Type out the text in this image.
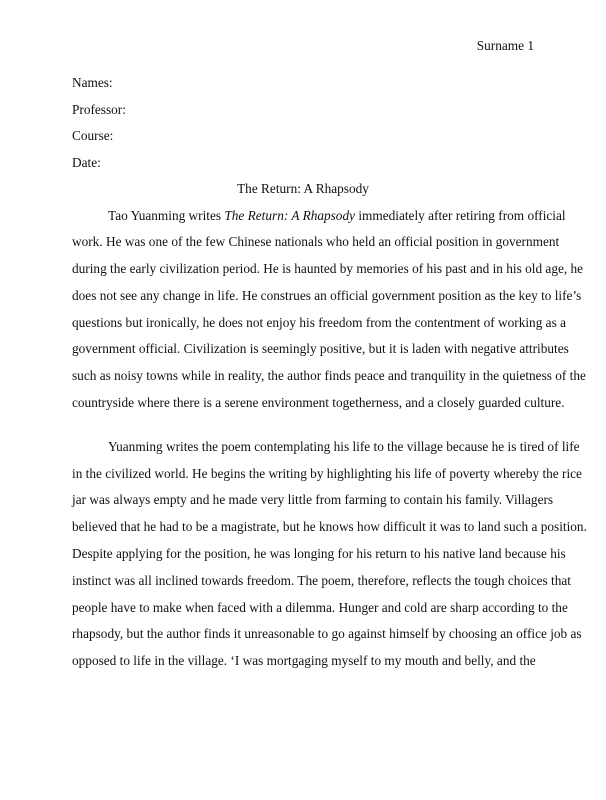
Surname 1
Names:
Professor:
Course:
Date:
The Return: A Rhapsody
Tao Yuanming writes The Return: A Rhapsody immediately after retiring from official
work. He was one of the few Chinese nationals who held an official position in government
during the early civilization period. He is haunted by memories of his past and in his old age, he
does not see any change in life. He construes an official government position as the key to life’s
questions but ironically, he does not enjoy his freedom from the contentment of working as a
government official. Civilization is seemingly positive, but it is laden with negative attributes
such as noisy towns while in reality, the author finds peace and tranquility in the quietness of the
countryside where there is a serene environment togetherness, and a closely guarded culture.
Yuanming writes the poem contemplating his life to the village because he is tired of life
in the civilized world. He begins the writing by highlighting his life of poverty whereby the rice
jar was always empty and he made very little from farming to contain his family. Villagers
believed that he had to be a magistrate, but he knows how difficult it was to land such a position.
Despite applying for the position, he was longing for his return to his native land because his
instinct was all inclined towards freedom. The poem, therefore, reflects the tough choices that
people have to make when faced with a dilemma. Hunger and cold are sharp according to the
rhapsody, but the author finds it unreasonable to go against himself by choosing an office job as
opposed to life in the village. ‘I was mortgaging myself to my mouth and belly, and the
